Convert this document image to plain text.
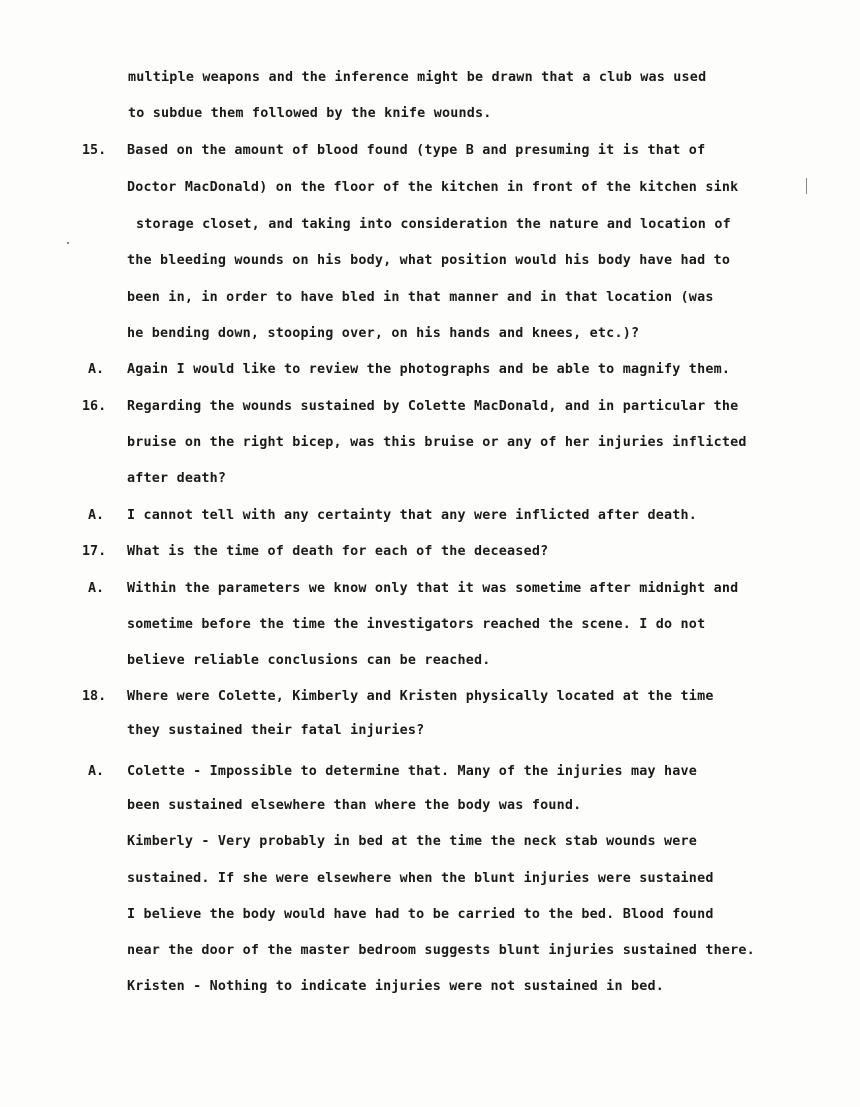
multiple weapons and the inference might be drawn that a club was used
to subdue them followed by the knife wounds.
15. Based on the amount of blood found (type B and presuming it is that of
Doctor MacDonald) on the floor of the kitchen in front of the kitchen sink
storage closet, and taking into consideration the nature and location of
the bleeding wounds on his body, what position would his body have had to
been in, in order to have bled in that manner and in that location (was
he bending down, stooping over, on his hands and knees, etc.)?
A. Again I would like to review the photographs and be able to magnify them.
16. Regarding the wounds sustained by Colette MacDonald, and in particular the
bruise on the right bicep, was this bruise or any of her injuries inflicted
after death?
A. I cannot tell with any certainty that any were inflicted after death.
17. What is the time of death for each of the deceased?
A. Within the parameters we know only that it was sometime after midnight and
sometime before the time the investigators reached the scene. I do not
believe reliable conclusions can be reached.
18. Where were Colette, Kimberly and Kristen physically located at the time
they sustained their fatal injuries?
A. Colette - Impossible to determine that. Many of the injuries may have
been sustained elsewhere than where the body was found.
Kimberly - Very probably in bed at the time the neck stab wounds were
sustained. If she were elsewhere when the blunt injuries were sustained
I believe the body would have had to be carried to the bed. Blood found
near the door of the master bedroom suggests blunt injuries sustained there.
Kristen - Nothing to indicate injuries were not sustained in bed.
